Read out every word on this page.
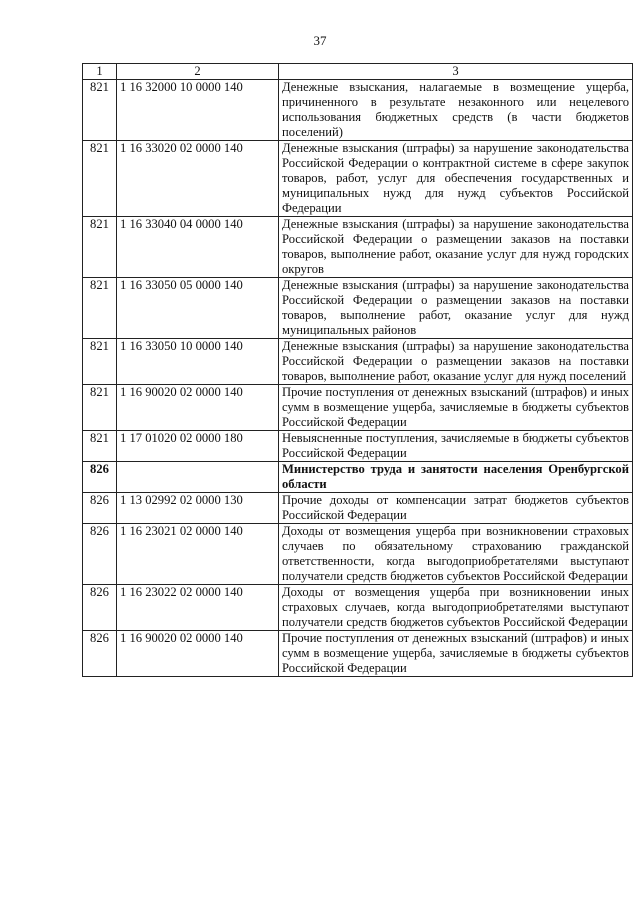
37
1	2	3
821	1 16 32000 10 0000 140	Денежные взыскания, налагаемые в возмещение ущерба, причиненного в результате незаконного или нецелевого использования бюджетных средств (в части бюджетов поселений)
821	1 16 33020 02 0000 140	Денежные взыскания (штрафы) за нарушение законодательства Российской Федерации о контрактной системе в сфере закупок товаров, работ, услуг для обеспечения государственных и муниципальных нужд для нужд субъектов Российской Федерации
821	1 16 33040 04 0000 140	Денежные взыскания (штрафы) за нарушение законодательства Российской Федерации о размещении заказов на поставки товаров, выполнение работ, оказание услуг для нужд городских округов
821	1 16 33050 05 0000 140	Денежные взыскания (штрафы) за нарушение законодательства Российской Федерации о размещении заказов на поставки товаров, выполнение работ, оказание услуг для нужд муниципальных районов
821	1 16 33050 10 0000 140	Денежные взыскания (штрафы) за нарушение законодательства Российской Федерации о размещении заказов на поставки товаров, выполнение работ, оказание услуг для нужд поселений
821	1 16 90020 02 0000 140	Прочие поступления от денежных взысканий (штрафов) и иных сумм в возмещение ущерба, зачисляемые в бюджеты субъектов Российской Федерации
821	1 17 01020 02 0000 180	Невыясненные поступления, зачисляемые в бюджеты субъектов Российской Федерации
826		Министерство труда и занятости населения Оренбургской области
826	1 13 02992 02 0000 130	Прочие доходы от компенсации затрат бюджетов субъектов Российской Федерации
826	1 16 23021 02 0000 140	Доходы от возмещения ущерба при возникновении страховых случаев по обязательному страхованию гражданской ответственности, когда выгодоприобретателями выступают получатели средств бюджетов субъектов Российской Федерации
826	1 16 23022 02 0000 140	Доходы от возмещения ущерба при возникновении иных страховых случаев, когда выгодоприобретателями выступают получатели средств бюджетов субъектов Российской Федерации
826	1 16 90020 02 0000 140	Прочие поступления от денежных взысканий (штрафов) и иных сумм в возмещение ущерба, зачисляемые в бюджеты субъектов Российской Федерации
